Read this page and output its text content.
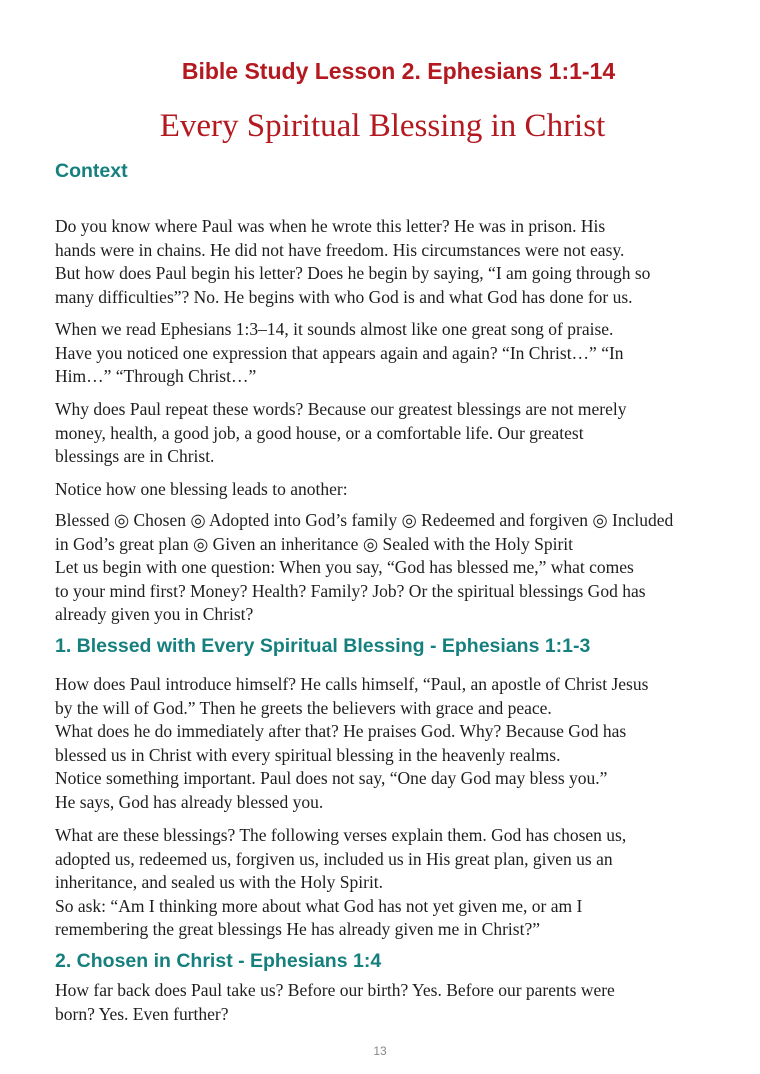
Bible Study Lesson 2. Ephesians 1:1-14
Every Spiritual Blessing in Christ
Context
Do you know where Paul was when he wrote this letter? He was in prison. His
hands were in chains. He did not have freedom. His circumstances were not easy.
But how does Paul begin his letter? Does he begin by saying, “I am going through so
many difficulties”? No. He begins with who God is and what God has done for us.
When we read Ephesians 1:3–14, it sounds almost like one great song of praise.
Have you noticed one expression that appears again and again? “In Christ…” “In
Him…” “Through Christ…”
Why does Paul repeat these words? Because our greatest blessings are not merely
money, health, a good job, a good house, or a comfortable life. Our greatest
blessings are in Christ.
Notice how one blessing leads to another:
Blessed ◎ Chosen ◎ Adopted into God’s family ◎ Redeemed and forgiven ◎ Included
in God’s great plan ◎ Given an inheritance ◎ Sealed with the Holy Spirit
Let us begin with one question: When you say, “God has blessed me,” what comes
to your mind first? Money? Health? Family? Job? Or the spiritual blessings God has
already given you in Christ?
1. Blessed with Every Spiritual Blessing - Ephesians 1:1-3
How does Paul introduce himself? He calls himself, “Paul, an apostle of Christ Jesus
by the will of God.” Then he greets the believers with grace and peace.
What does he do immediately after that? He praises God. Why? Because God has
blessed us in Christ with every spiritual blessing in the heavenly realms.
Notice something important. Paul does not say, “One day God may bless you.”
He says, God has already blessed you.
What are these blessings? The following verses explain them. God has chosen us,
adopted us, redeemed us, forgiven us, included us in His great plan, given us an
inheritance, and sealed us with the Holy Spirit.
So ask: “Am I thinking more about what God has not yet given me, or am I
remembering the great blessings He has already given me in Christ?”
2. Chosen in Christ - Ephesians 1:4
How far back does Paul take us? Before our birth? Yes. Before our parents were
born? Yes. Even further?
13
